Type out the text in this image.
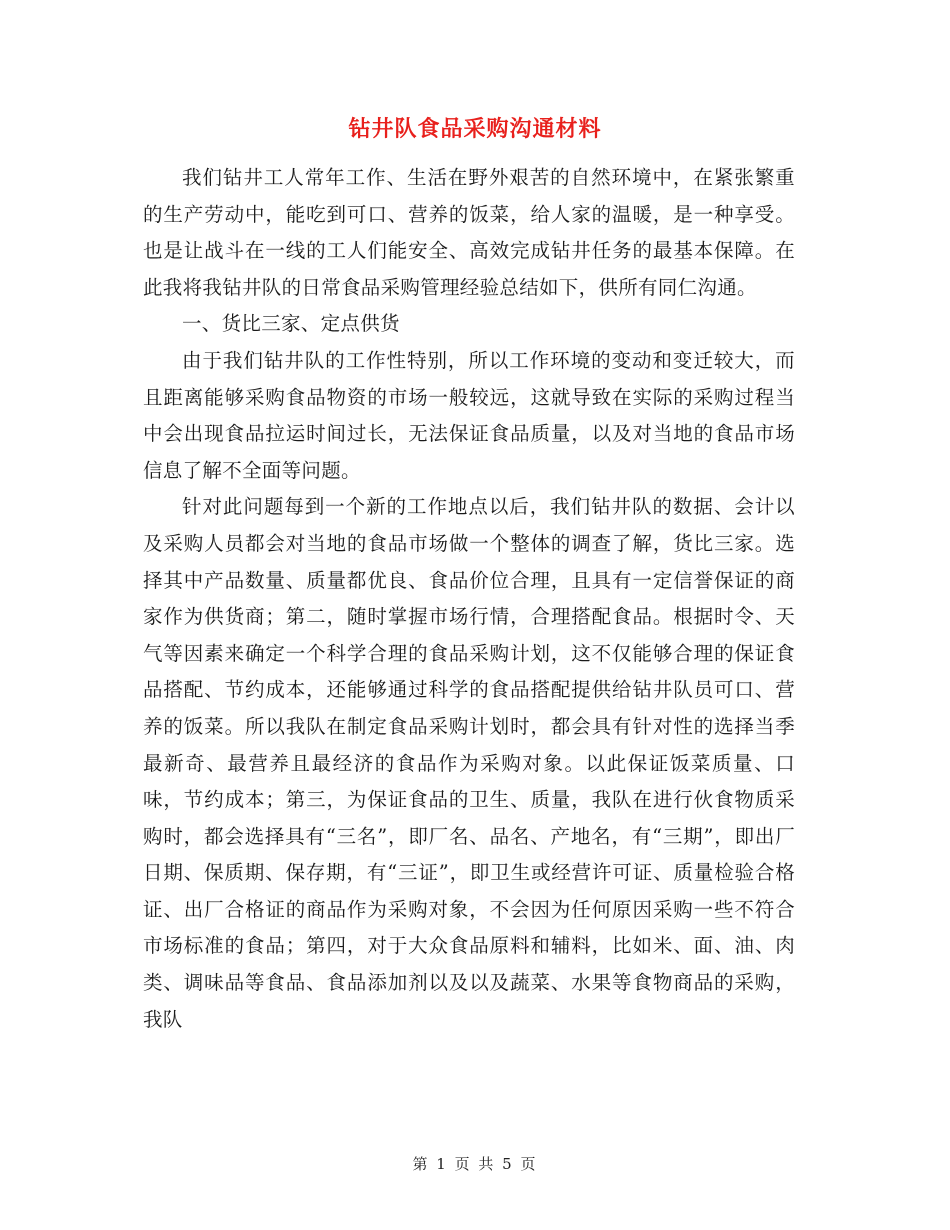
钻井队食品采购沟通材料

我们钻井工人常年工作、生活在野外艰苦的自然环境中，在紧张繁重的生产劳动中，能吃到可口、营养的饭菜，给人家的温暖，是一种享受。也是让战斗在一线的工人们能安全、高效完成钻井任务的最基本保障。在此我将我钻井队的日常食品采购管理经验总结如下，供所有同仁沟通。

一、货比三家、定点供货

由于我们钻井队的工作性特别，所以工作环境的变动和变迁较大，而且距离能够采购食品物资的市场一般较远，这就导致在实际的采购过程当中会出现食品拉运时间过长，无法保证食品质量，以及对当地的食品市场信息了解不全面等问题。

针对此问题每到一个新的工作地点以后，我们钻井队的数据、会计以及采购人员都会对当地的食品市场做一个整体的调查了解，货比三家。选择其中产品数量、质量都优良、食品价位合理，且具有一定信誉保证的商家作为供货商；第二，随时掌握市场行情，合理搭配食品。根据时令、天气等因素来确定一个科学合理的食品采购计划，这不仅能够合理的保证食品搭配、节约成本，还能够通过科学的食品搭配提供给钻井队员可口、营养的饭菜。所以我队在制定食品采购计划时，都会具有针对性的选择当季最新奇、最营养且最经济的食品作为采购对象。以此保证饭菜质量、口味，节约成本；第三，为保证食品的卫生、质量，我队在进行伙食物质采购时，都会选择具有“三名”，即厂名、品名、产地名，有“三期”，即出厂日期、保质期、保存期，有“三证”，即卫生或经营许可证、质量检验合格证、出厂合格证的商品作为采购对象，不会因为任何原因采购一些不符合市场标准的食品；第四，对于大众食品原料和辅料，比如米、面、油、肉类、调味品等食品、食品添加剂以及以及蔬菜、水果等食物商品的采购，我队

第 1 页 共 5 页
